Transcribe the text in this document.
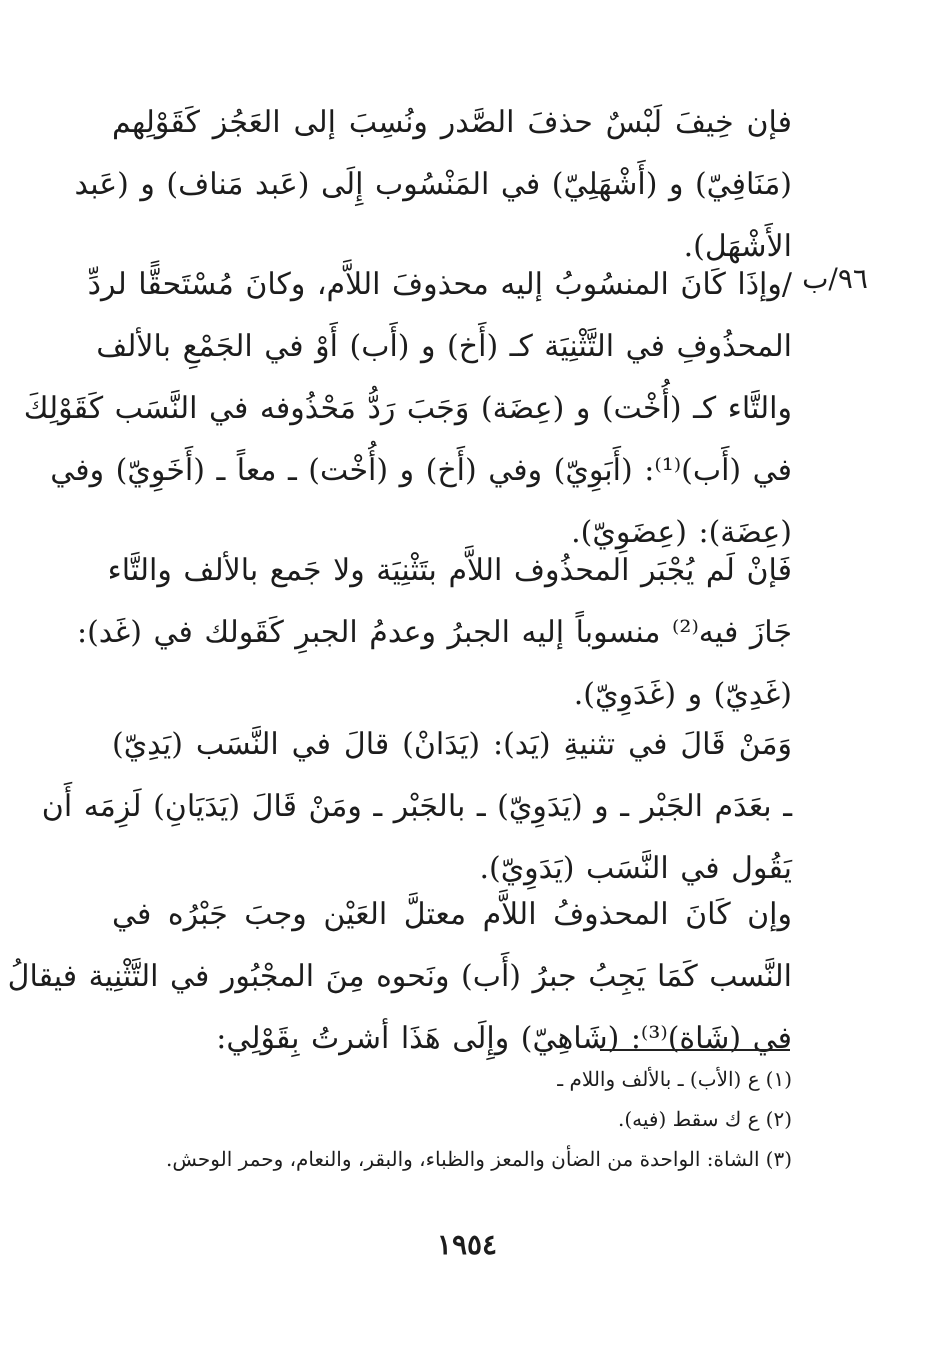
٩٦/ب
فإن خِيفَ لَبْسٌ حذفَ الصَّدر ونُسِبَ إلى العَجُز كَقَوْلِهم
(مَنَافِيّ) و (أَشْهَلِيّ) في المَنْسُوب إِلَى (عَبد مَناف) و (عَبد
الأَشْهَل).
/وإذَا كَانَ المنسُوبُ إليه محذوفَ اللاَّم، وكانَ مُسْتَحقًّا لردِّ
المحذُوفِ في التَّثْنِيَة كـ (أَخ) و (أَب) أَوْ في الجَمْعِ بالألف
والتَّاء كـ (أُخْت) و (عِضَة) وَجَبَ رَدُّ مَحْذُوفه في النَّسَب كَقَوْلِكَ
في (أَب)⁽¹⁾: (أَبَوِيّ) وفي (أَخ) و (أُخْت) ـ معاً ـ (أَخَوِيّ) وفي
(عِضَة): (عِضَوِيّ).
فَإنْ لَم يُجْبَر المحذُوف اللاَّم بتَثْنِيَة ولا جَمع بالألف والتَّاء
جَازَ فيه⁽²⁾ منسوباً إليه الجبرُ وعدمُ الجبرِ كَقَولك في (غَد):
(غَدِيّ) و (غَدَوِيّ).
وَمَنْ قَالَ في تثنيةِ (يَد): (يَدَانْ) قالَ في النَّسَب (يَدِيّ)
ـ بعَدَم الجَبْر ـ و (يَدَوِيّ) ـ بالجَبْر ـ ومَنْ قَالَ (يَدَيَانِ) لَزِمَه أَن
يَقُول في النَّسَب (يَدَوِيّ).
وإن كَانَ المحذوفُ اللاَّم معتلَّ العَيْن وجبَ جَبْرُه في
النَّسب كَمَا يَجِبُ جبرُ (أَب) ونَحوه مِنَ المجْبُور في التَّثْنِية فيقالُ
في (شَاة)⁽³⁾: (شَاهِيّ) وإِلَى هَذَا أشرتُ بِقَوْلِي:
(١)ع (الأب) ـ بالألف واللام ـ
(٢)ع ك سقط (فيه).
(٣)الشاة: الواحدة من الضأن والمعز والظباء، والبقر، والنعام، وحمر الوحش.
١٩٥٤
